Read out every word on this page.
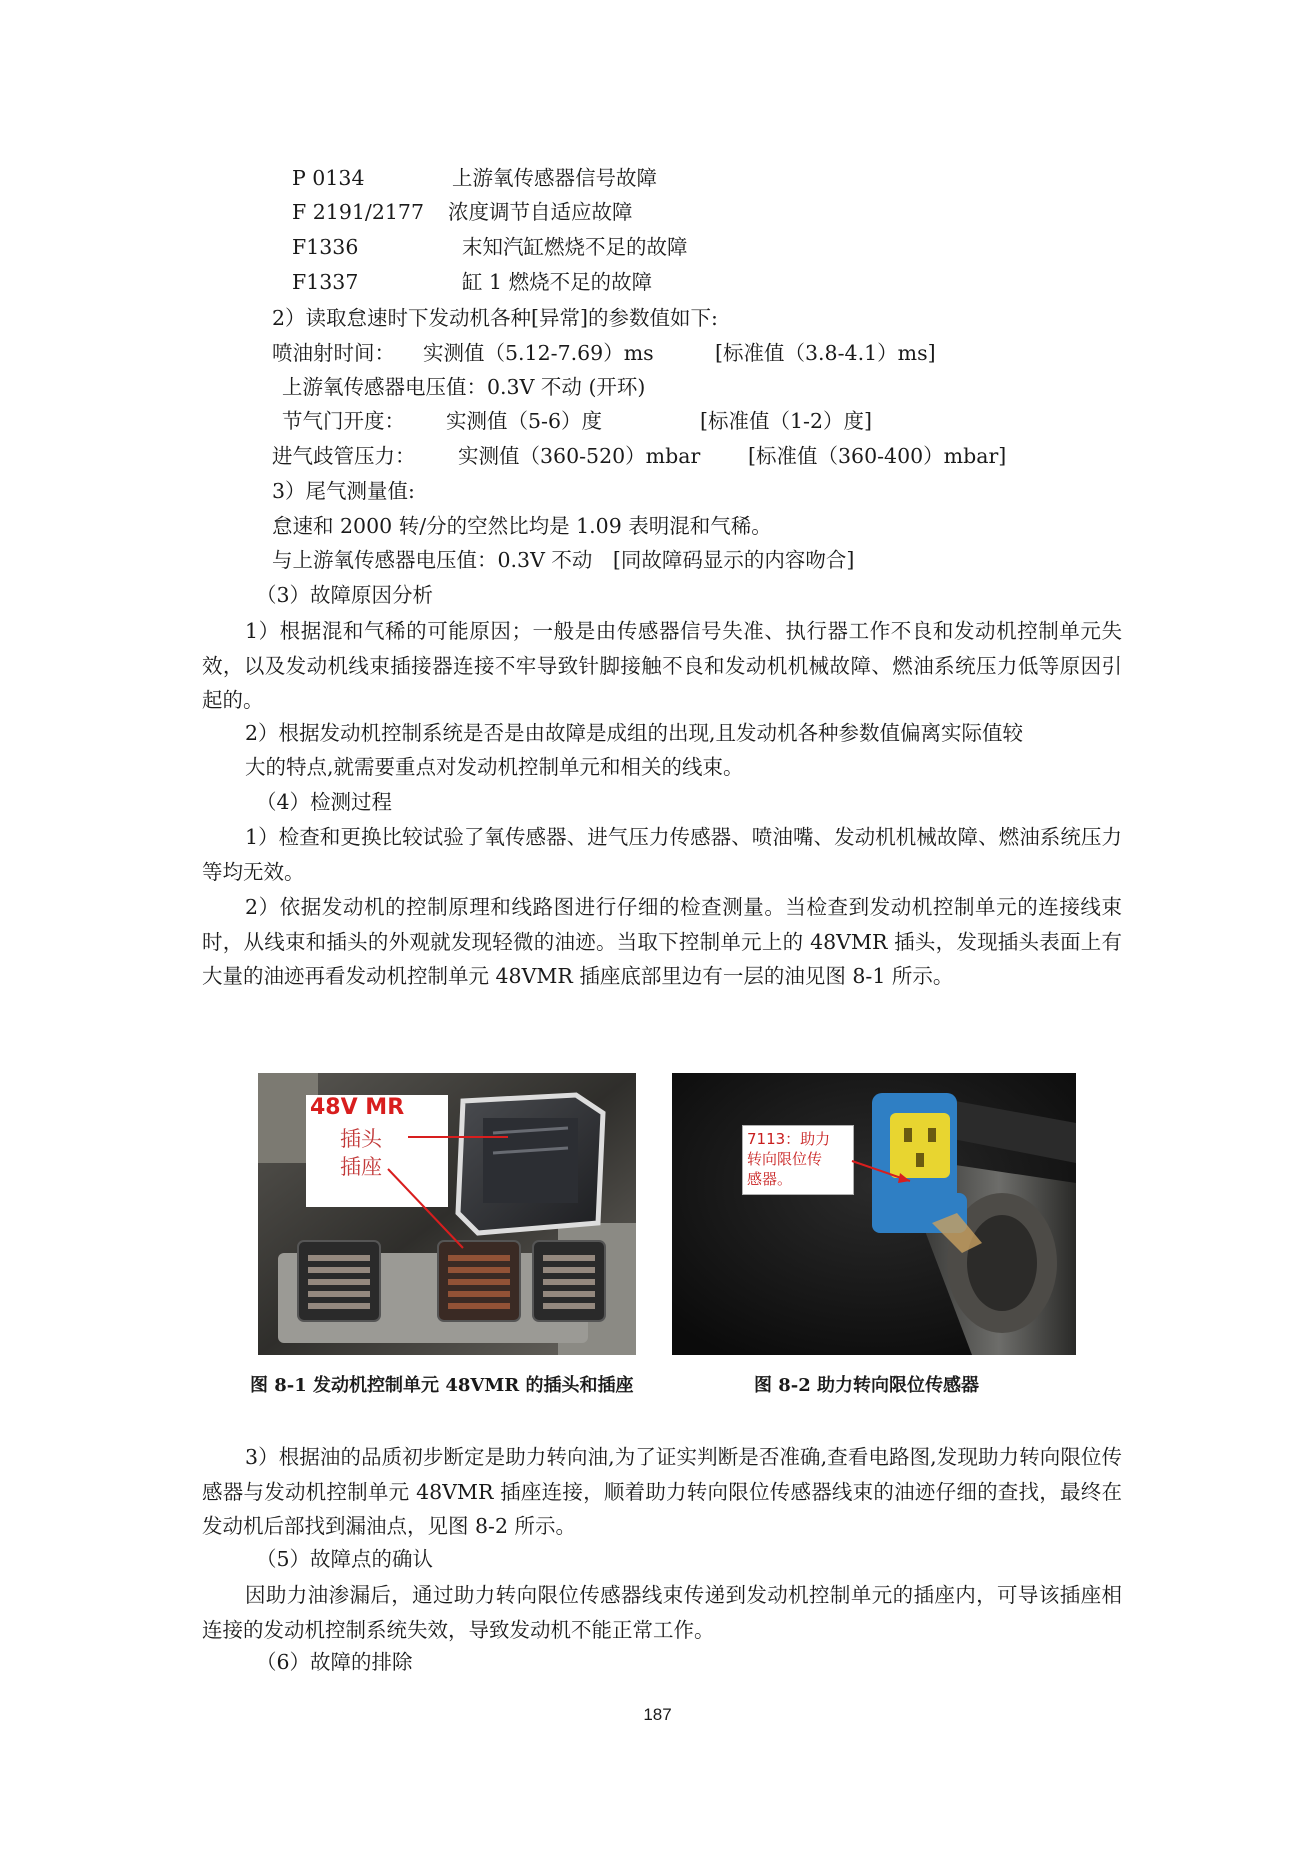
P 0134	上游氧传感器信号故障
F 2191/2177 浓度调节自适应故障
F1336	末知汽缸燃烧不足的故障
F1337	缸 1 燃烧不足的故障
2）读取怠速时下发动机各种[异常]的参数值如下:
喷油射时间： 实测值（5.12-7.69）ms	[标准值（3.8-4.1）ms]
上游氧传感器电压值：0.3V 不动 (开环)
节气门开度： 实测值（5-6）度	[标准值（1-2）度]
进气歧管压力： 实测值（360-520）mbar [标准值（360-400）mbar]
3）尾气测量值:
怠速和 2000 转/分的空然比均是 1.09 表明混和气稀。
与上游氧传感器电压值：0.3V 不动　[同故障码显示的内容吻合]
（3）故障原因分析
1）根据混和气稀的可能原因；一般是由传感器信号失准、执行器工作不良和发动机控制单元失效，以及发动机线束插接器连接不牢导致针脚接触不良和发动机机械故障、燃油系统压力低等原因引起的。
2）根据发动机控制系统是否是由故障是成组的出现,且发动机各种参数值偏离实际值较
大的特点,就需要重点对发动机控制单元和相关的线束。
（4）检测过程
1）检查和更换比较试验了氧传感器、进气压力传感器、喷油嘴、发动机机械故障、燃油系统压力等均无效。
2）依据发动机的控制原理和线路图进行仔细的检查测量。当检查到发动机控制单元的连接线束时，从线束和插头的外观就发现轻微的油迹。当取下控制单元上的 48VMR 插头，发现插头表面上有大量的油迹再看发动机控制单元 48VMR 插座底部里边有一层的油见图 8-1 所示。
48V MR
插头
插座
图 8-1 发动机控制单元 48VMR 的插头和插座
7113：助力
转向限位传
感器。
图 8-2 助力转向限位传感器
3）根据油的品质初步断定是助力转向油,为了证实判断是否准确,查看电路图,发现助力转向限位传感器与发动机控制单元 48VMR 插座连接，顺着助力转向限位传感器线束的油迹仔细的查找，最终在发动机后部找到漏油点，见图 8-2 所示。
（5）故障点的确认
因助力油渗漏后，通过助力转向限位传感器线束传递到发动机控制单元的插座内，可导该插座相连接的发动机控制系统失效，导致发动机不能正常工作。
（6）故障的排除
187
